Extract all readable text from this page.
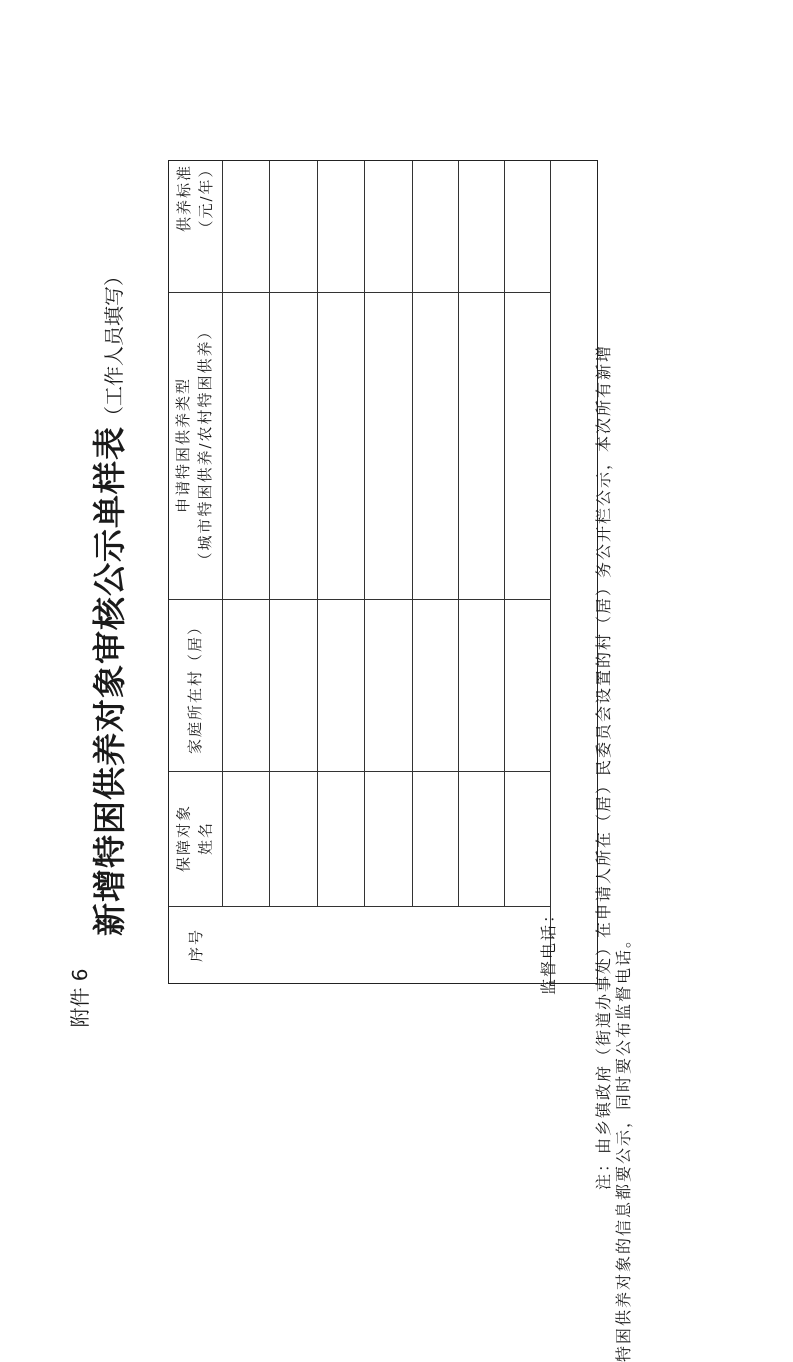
附件 6
新增特困供养对象审核公示单样表（工作人员填写）
供养标准 （元/年）
申请特困供养类型 （城市特困供养/农村特困供养）
家庭所在村（居）
保障对象 姓名
序号	监督电话： 注：由乡镇政府（街道办事处）在申请人所在（居）民委员会设置的村（居）务公开栏公示，本次所有新增 特困供养对象的信息都要公示，同时要公布监督电话。
